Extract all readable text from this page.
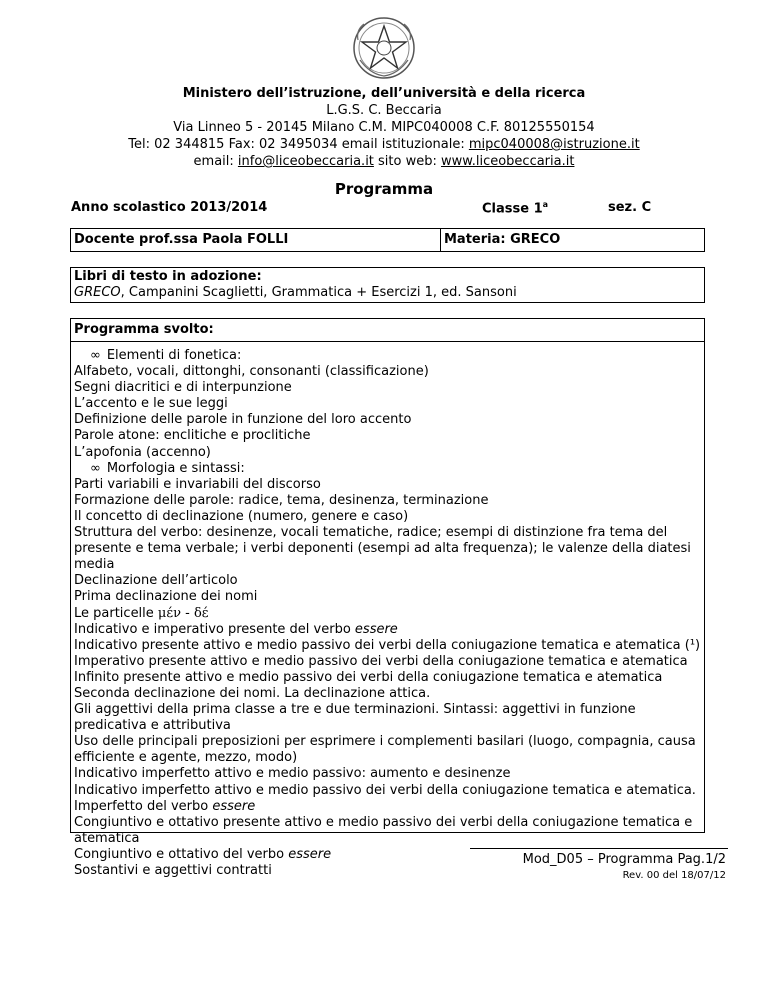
Ministero dell’istruzione, dell’università e della ricerca
L.G.S. C. Beccaria
Via Linneo 5 - 20145 Milano C.M. MIPC040008 C.F. 80125550154
Tel: 02 344815 Fax: 02 3495034 email istituzionale: mipc040008@istruzione.it
email: info@liceobeccaria.it sito web: www.liceobeccaria.it
Programma
Anno scolastico 2013/2014	Classe 1$^a$	sez. C
Docente prof.ssa Paola FOLLI	Materia: GRECO
Libri di testo in adozione:
GRECO, Campanini Scaglietti, Grammatica + Esercizi 1, ed. Sansoni
Programma svolto:
∞ Elementi di fonetica:
Alfabeto, vocali, dittonghi, consonanti (classificazione)
Segni diacritici e di interpunzione
L’accento e le sue leggi
Definizione delle parole in funzione del loro accento
Parole atone: enclitiche e proclitiche
L’apofonia (accenno)
∞ Morfologia e sintassi:
Parti variabili e invariabili del discorso
Formazione delle parole: radice, tema, desinenza, terminazione
Il concetto di declinazione (numero, genere e caso)
Struttura del verbo: desinenze, vocali tematiche, radice; esempi di distinzione fra tema del presente e tema verbale; i verbi deponenti (esempi ad alta frequenza); le valenze della diatesi media
Declinazione dell’articolo
Prima declinazione dei nomi
Le particelle μέν - δέ
Indicativo e imperativo presente del verbo essere
Indicativo presente attivo e medio passivo dei verbi della coniugazione tematica e atematica (¹)
Imperativo presente attivo e medio passivo dei verbi della coniugazione tematica e atematica
Infinito presente attivo e medio passivo dei verbi della coniugazione tematica e atematica
Seconda declinazione dei nomi. La declinazione attica.
Gli aggettivi della prima classe a tre e due terminazioni. Sintassi: aggettivi in funzione predicativa e attributiva
Uso delle principali preposizioni per esprimere i complementi basilari (luogo, compagnia, causa efficiente e agente, mezzo, modo)
Indicativo imperfetto attivo e medio passivo: aumento e desinenze
Indicativo imperfetto attivo e medio passivo dei verbi della coniugazione tematica e atematica. Imperfetto del verbo essere
Congiuntivo e ottativo presente attivo e medio passivo dei verbi della coniugazione tematica e atematica
Congiuntivo e ottativo del verbo essere
Sostantivi e aggettivi contratti
Mod_D05 – Programma Pag.1/2
Rev. 00 del 18/07/12
